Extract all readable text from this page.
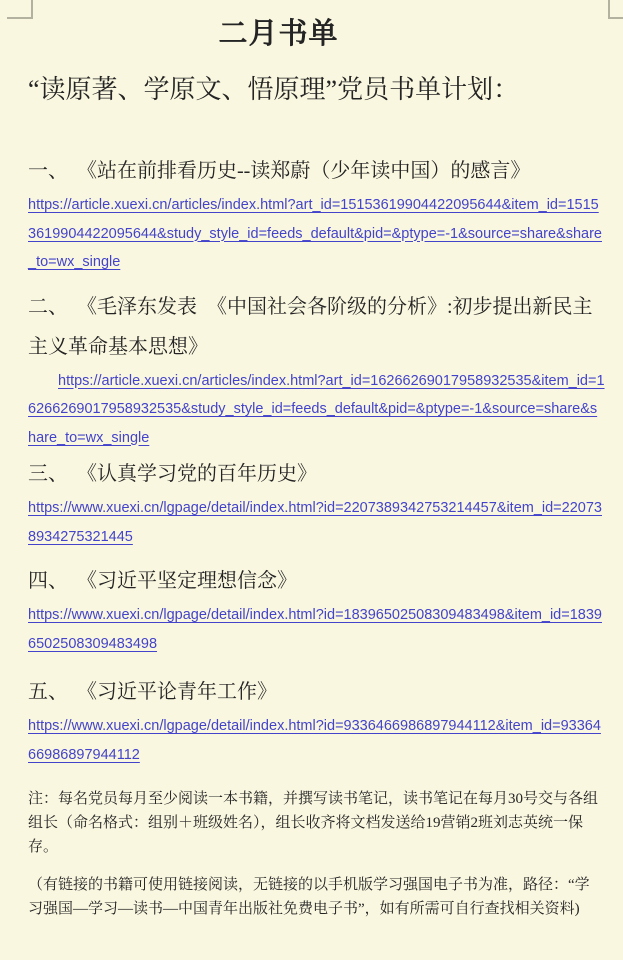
二月书单

“读原著、学原文、悟原理”党员书单计划：

一、 《站在前排看历史--读郑蔚（少年读中国）的感言》

https://article.xuexi.cn/articles/index.html?art_id=15153619904422095644&item_id=15153619904422095644&study_style_id=feeds_default&pid=&ptype=-1&source=share&share_to=wx_single

二、 《毛泽东发表　《中国社会各阶级的分析》:初步提出新民主主义革命基本思想》

https://article.xuexi.cn/articles/index.html?art_id=16266269017958932535&item_id=16266269017958932535&study_style_id=feeds_default&pid=&ptype=-1&source=share&share_to=wx_single

三、 《认真学习党的百年历史》

https://www.xuexi.cn/lgpage/detail/index.html?id=2207389342753214457&item_id=220738934275321445

四、 《习近平坚定理想信念》

https://www.xuexi.cn/lgpage/detail/index.html?id=18396502508309483498&item_id=18396502508309483498

五、 《习近平论青年工作》

https://www.xuexi.cn/lgpage/detail/index.html?id=9336466986897944112&item_id=9336466986897944112

注：每名党员每月至少阅读一本书籍，并撰写读书笔记，读书笔记在每月30号交与各组组长（命名格式：组别＋班级姓名），组长收齐将文档发送给19营销2班刘志英统一保存。

（有链接的书籍可使用链接阅读，无链接的以手机版学习强国电子书为准，路径：“学习强国—学习—读书—中国青年出版社免费电子书”，如有所需可自行查找相关资料)
